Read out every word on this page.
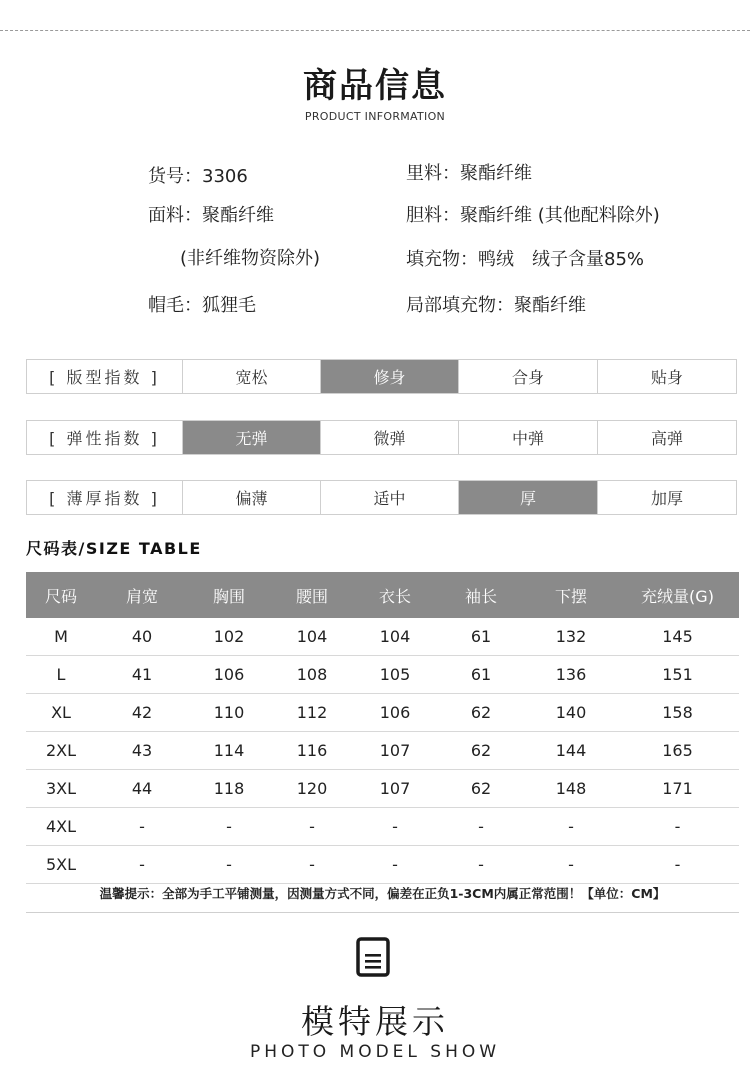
商品信息
PRODUCT INFORMATION
货号：3306
面料：聚酯纤维
(非纤维物资除外)
帽毛：狐狸毛
里料：聚酯纤维
胆料：聚酯纤维 (其他配料除外)
填充物：鸭绒　绒子含量85%
局部填充物：聚酯纤维
[ 版型指数 ]	宽松	修身	合身	贴身
[ 弹性指数 ]	无弹	微弹	中弹	高弹
[ 薄厚指数 ]	偏薄	适中	厚	加厚
尺码表/SIZE TABLE
尺码	肩宽	胸围	腰围	衣长	袖长	下摆	充绒量(G)
M	40	102	104	104	61	132	145
L	41	106	108	105	61	136	151
XL	42	110	112	106	62	140	158
2XL	43	114	116	107	62	144	165
3XL	44	118	120	107	62	148	171
4XL	-	-	-	-	-	-	-
5XL	-	-	-	-	-	-	-
温馨提示：全部为手工平铺测量，因测量方式不同，偏差在正负1-3CM内属正常范围！【单位：CM】
模特展示
PHOTO MODEL SHOW
